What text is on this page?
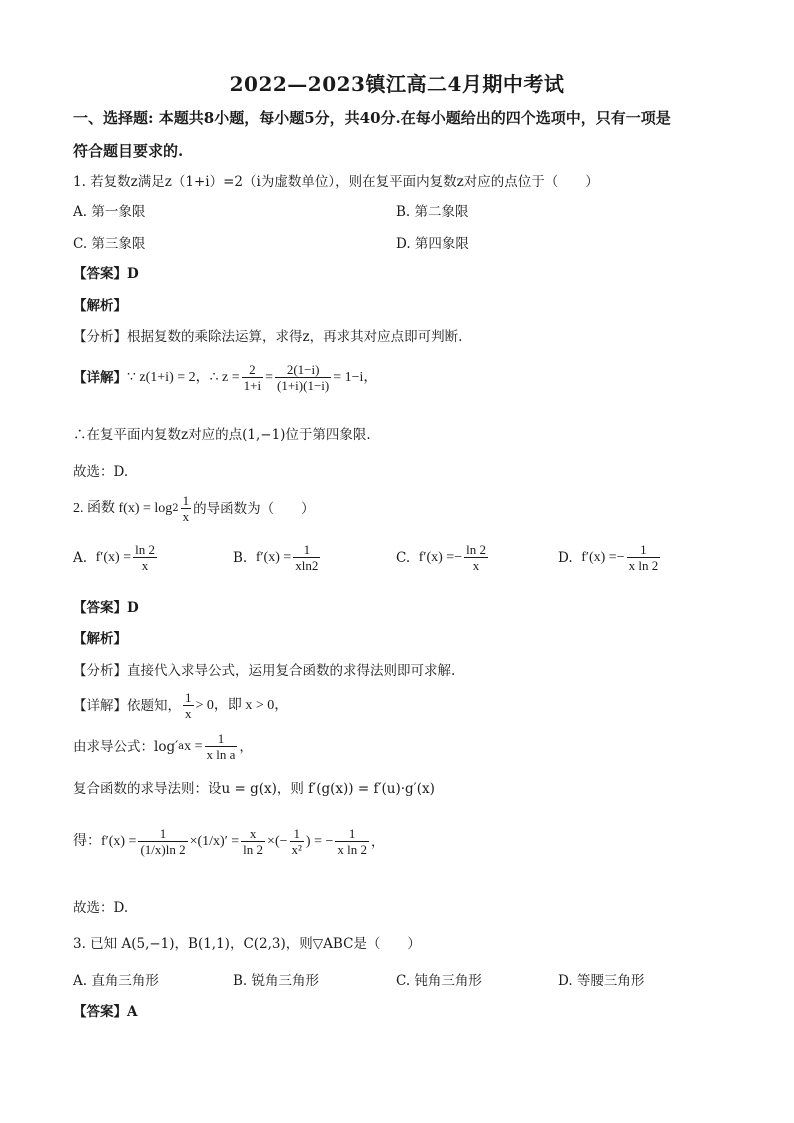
2022—2023镇江高二4月期中考试
一、选择题: 本题共8小题，每小题5分，共40分.在每小题给出的四个选项中，只有一项是
符合题目要求的.
1. 若复数z满足z（1+i）=2（i为虚数单位），则在复平面内复数z对应的点位于（　　）
A. 第一象限	B. 第二象限
C. 第三象限	D. 第四象限
【答案】D
【解析】
【分析】根据复数的乘除法运算，求得z，再求其对应点即可判断.
【详解】 ∵ z(1+i) = 2，∴ $z = \frac{2}{1+i} = \frac{2(1-i)}{(1+i)(1-i)} = 1-i$，
∴在复平面内复数z对应的点(1,−1)位于第四象限.
故选：D.
2. 函数 $f(x) = \log 2 \frac{1}{x}$ 的导函数为（　　）
A.
$f'(x) = \frac{\ln 2}{x}$	B.
$f'(x) = \frac{1}{xln2}$	C.
f′(x) = − $\frac{\ln 2}{x}$	D.
f′(x) = − $\frac{1}{\text{x ln 2}}$
【答案】D
【解析】
【分析】直接代入求导公式，运用复合函数的求得法则即可求解.
【详解】依题知， $\frac{1}{x} > 0$，即 x > 0，
由求导公式：log′ a $x = \frac{1}{\text{x ln a}}$ ，
复合函数的求导法则：设u = g(x)，则 f′(g(x)) = f′(u)·g′(x)
得：$f'(x) = \frac{1}{(1/x)\ln 2} \times(1/x)' = \frac{x}{\ln 2}$ ×(− $\frac{1}{\text{x²}}$ ) = − $\frac{1}{\text{x ln 2}}$ ，
故选：D.
3. 已知 A(5,−1)，B(1,1)，C(2,3)，则▽ABC是（　　）
A. 直角三角形	B. 锐角三角形	C. 钝角三角形	D. 等腰三角形
【答案】A
